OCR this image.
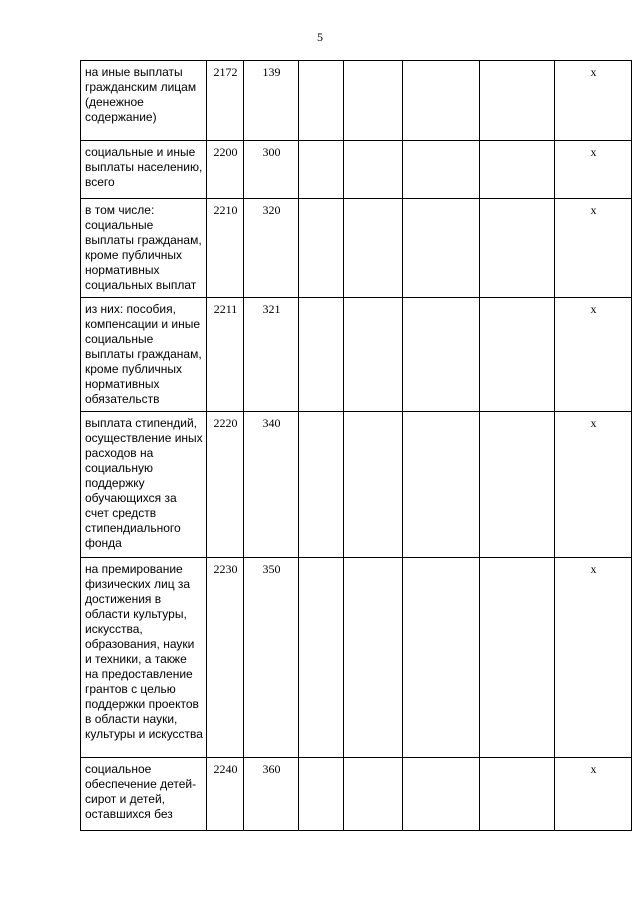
5
на иные выплаты гражданским лицам (денежное содержание)	2172	139					x
социальные и иные выплаты населению, всего	2200	300					x
в том числе: социальные выплаты гражданам, кроме публичных нормативных социальных выплат	2210	320					x
из них: пособия, компенсации и иные социальные выплаты гражданам, кроме публичных нормативных обязательств	2211	321					x
выплата стипендий, осуществление иных расходов на социальную поддержку обучающихся за счет средств стипендиального фонда	2220	340					x
на премирование физических лиц за достижения в области культуры, искусства, образования, науки и техники, а также на предоставление грантов с целью поддержки проектов в области науки, культуры и искусства	2230	350					x
социальное обеспечение детей-сирот и детей, оставшихся без	2240	360					x
